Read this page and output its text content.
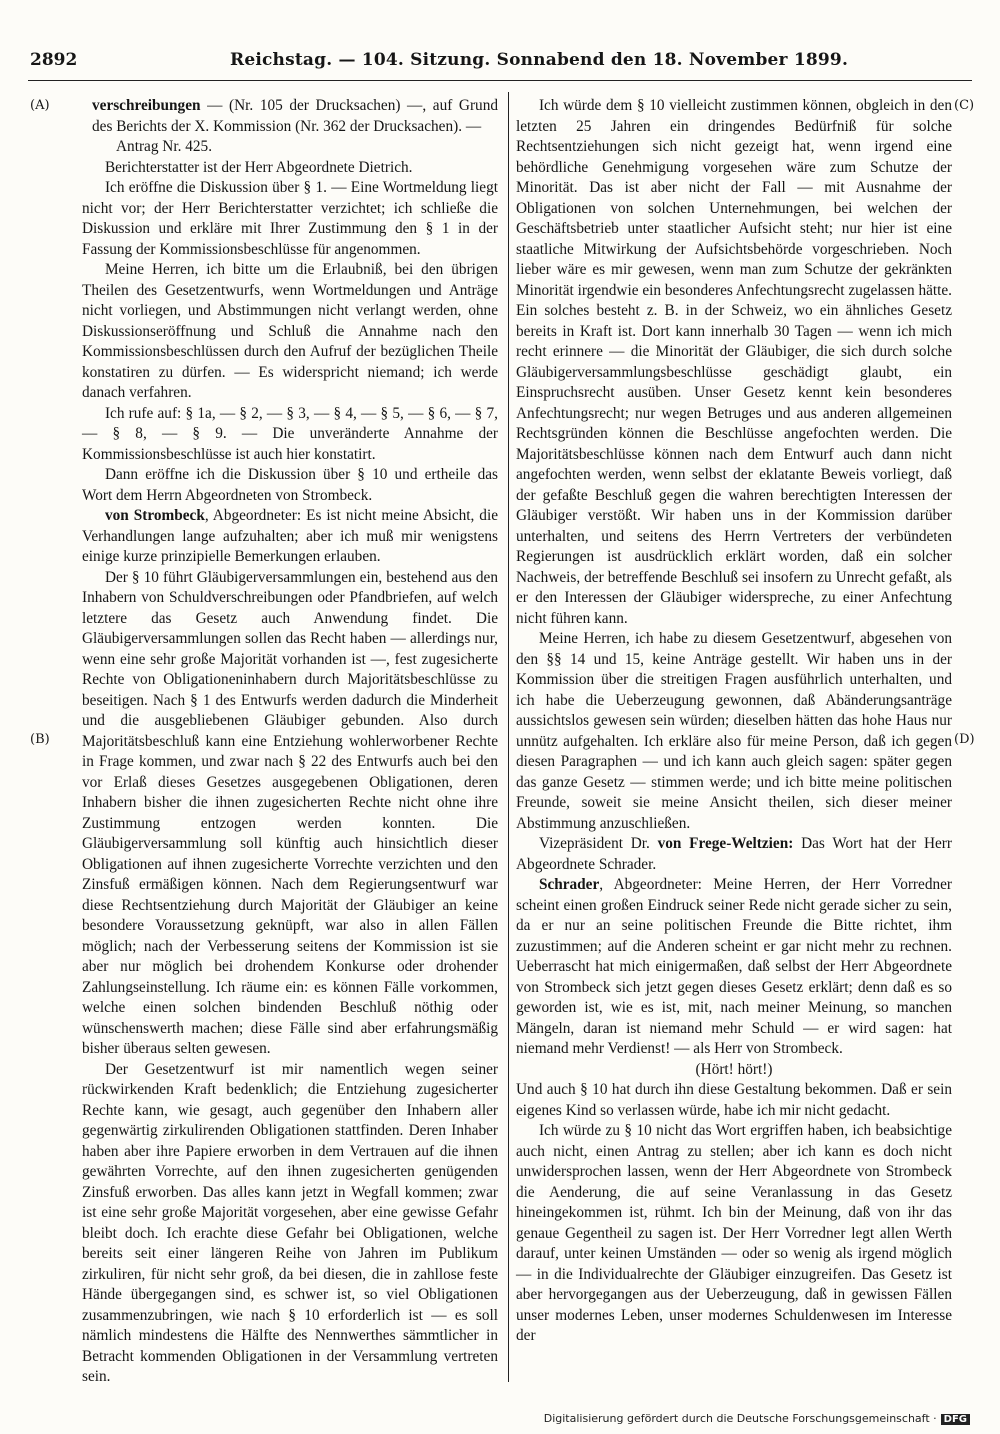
2892	Reichstag. — 104. Sitzung. Sonnabend den 18. November 1899.
(A)
(B)
(C)
(D)

verschreibungen — (Nr. 105 der Drucksachen) —, auf Grund des Berichts der X. Kommission (Nr. 362 der Drucksachen). —

Antrag Nr. 425.

Berichterstatter ist der Herr Abgeordnete Dietrich.

Ich eröffne die Diskussion über § 1. — Eine Wortmeldung liegt nicht vor; der Herr Berichterstatter verzichtet; ich schließe die Diskussion und erkläre mit Ihrer Zustimmung den § 1 in der Fassung der Kommissionsbeschlüsse für angenommen.

Meine Herren, ich bitte um die Erlaubniß, bei den übrigen Theilen des Gesetzentwurfs, wenn Wortmeldungen und Anträge nicht vorliegen, und Abstimmungen nicht verlangt werden, ohne Diskussionseröffnung und Schluß die Annahme nach den Kommissionsbeschlüssen durch den Aufruf der bezüglichen Theile konstatiren zu dürfen. — Es widerspricht niemand; ich werde danach verfahren.

Ich rufe auf: § 1a, — § 2, — § 3, — § 4, — § 5, — § 6, — § 7, — § 8, — § 9. — Die unveränderte Annahme der Kommissionsbeschlüsse ist auch hier konstatirt.

Dann eröffne ich die Diskussion über § 10 und ertheile das Wort dem Herrn Abgeordneten von Strombeck.

von Strombeck, Abgeordneter: Es ist nicht meine Absicht, die Verhandlungen lange aufzuhalten; aber ich muß mir wenigstens einige kurze prinzipielle Bemerkungen erlauben.

Der § 10 führt Gläubigerversammlungen ein, bestehend aus den Inhabern von Schuldverschreibungen oder Pfandbriefen, auf welch letztere das Gesetz auch Anwendung findet. Die Gläubigerversammlungen sollen das Recht haben — allerdings nur, wenn eine sehr große Majorität vorhanden ist —, fest zugesicherte Rechte von Obligationeninhabern durch Majoritätsbeschlüsse zu beseitigen. Nach § 1 des Entwurfs werden dadurch die Minderheit und die ausgebliebenen Gläubiger gebunden. Also durch Majoritätsbeschluß kann eine Entziehung wohlerworbener Rechte in Frage kommen, und zwar nach § 22 des Entwurfs auch bei den vor Erlaß dieses Gesetzes ausgegebenen Obligationen, deren Inhabern bisher die ihnen zugesicherten Rechte nicht ohne ihre Zustimmung entzogen werden konnten. Die Gläubigerversammlung soll künftig auch hinsichtlich dieser Obligationen auf ihnen zugesicherte Vorrechte verzichten und den Zinsfuß ermäßigen können. Nach dem Regierungsentwurf war diese Rechtsentziehung durch Majorität der Gläubiger an keine besondere Voraussetzung geknüpft, war also in allen Fällen möglich; nach der Verbesserung seitens der Kommission ist sie aber nur möglich bei drohendem Konkurse oder drohender Zahlungseinstellung. Ich räume ein: es können Fälle vorkommen, welche einen solchen bindenden Beschluß nöthig oder wünschenswerth machen; diese Fälle sind aber erfahrungsmäßig bisher überaus selten gewesen.

Der Gesetzentwurf ist mir namentlich wegen seiner rückwirkenden Kraft bedenklich; die Entziehung zugesicherter Rechte kann, wie gesagt, auch gegenüber den Inhabern aller gegenwärtig zirkulirenden Obligationen stattfinden. Deren Inhaber haben aber ihre Papiere erworben in dem Vertrauen auf die ihnen gewährten Vorrechte, auf den ihnen zugesicherten genügenden Zinsfuß erworben. Das alles kann jetzt in Wegfall kommen; zwar ist eine sehr große Majorität vorgesehen, aber eine gewisse Gefahr bleibt doch. Ich erachte diese Gefahr bei Obligationen, welche bereits seit einer längeren Reihe von Jahren im Publikum zirkuliren, für nicht sehr groß, da bei diesen, die in zahllose feste Hände übergegangen sind, es schwer ist, so viel Obligationen zusammenzubringen, wie nach § 10 erforderlich ist — es soll nämlich mindestens die Hälfte des Nennwerthes sämmtlicher in Betracht kommenden Obligationen in der Versammlung vertreten sein.

Ich würde dem § 10 vielleicht zustimmen können, obgleich in den letzten 25 Jahren ein dringendes Bedürfniß für solche Rechtsentziehungen sich nicht gezeigt hat, wenn irgend eine behördliche Genehmigung vorgesehen wäre zum Schutze der Minorität. Das ist aber nicht der Fall — mit Ausnahme der Obligationen von solchen Unternehmungen, bei welchen der Geschäftsbetrieb unter staatlicher Aufsicht steht; nur hier ist eine staatliche Mitwirkung der Aufsichtsbehörde vorgeschrieben. Noch lieber wäre es mir gewesen, wenn man zum Schutze der gekränkten Minorität irgendwie ein besonderes Anfechtungsrecht zugelassen hätte. Ein solches besteht z. B. in der Schweiz, wo ein ähnliches Gesetz bereits in Kraft ist. Dort kann innerhalb 30 Tagen — wenn ich mich recht erinnere — die Minorität der Gläubiger, die sich durch solche Gläubigerversammlungsbeschlüsse geschädigt glaubt, ein Einspruchsrecht ausüben. Unser Gesetz kennt kein besonderes Anfechtungsrecht; nur wegen Betruges und aus anderen allgemeinen Rechtsgründen können die Beschlüsse angefochten werden. Die Majoritätsbeschlüsse können nach dem Entwurf auch dann nicht angefochten werden, wenn selbst der eklatante Beweis vorliegt, daß der gefaßte Beschluß gegen die wahren berechtigten Interessen der Gläubiger verstößt. Wir haben uns in der Kommission darüber unterhalten, und seitens des Herrn Vertreters der verbündeten Regierungen ist ausdrücklich erklärt worden, daß ein solcher Nachweis, der betreffende Beschluß sei insofern zu Unrecht gefaßt, als er den Interessen der Gläubiger widerspreche, zu einer Anfechtung nicht führen kann.

Meine Herren, ich habe zu diesem Gesetzentwurf, abgesehen von den §§ 14 und 15, keine Anträge gestellt. Wir haben uns in der Kommission über die streitigen Fragen ausführlich unterhalten, und ich habe die Ueberzeugung gewonnen, daß Abänderungsanträge aussichtslos gewesen sein würden; dieselben hätten das hohe Haus nur unnütz aufgehalten. Ich erkläre also für meine Person, daß ich gegen diesen Paragraphen — und ich kann auch gleich sagen: später gegen das ganze Gesetz — stimmen werde; und ich bitte meine politischen Freunde, soweit sie meine Ansicht theilen, sich dieser meiner Abstimmung anzuschließen.

Vizepräsident Dr. von Frege-Weltzien: Das Wort hat der Herr Abgeordnete Schrader.

Schrader, Abgeordneter: Meine Herren, der Herr Vorredner scheint einen großen Eindruck seiner Rede nicht gerade sicher zu sein, da er nur an seine politischen Freunde die Bitte richtet, ihm zuzustimmen; auf die Anderen scheint er gar nicht mehr zu rechnen. Ueberrascht hat mich einigermaßen, daß selbst der Herr Abgeordnete von Strombeck sich jetzt gegen dieses Gesetz erklärt; denn daß es so geworden ist, wie es ist, mit, nach meiner Meinung, so manchen Mängeln, daran ist niemand mehr Schuld — er wird sagen: hat niemand mehr Verdienst! — als Herr von Strombeck.

(Hört! hört!)

Und auch § 10 hat durch ihn diese Gestaltung bekommen. Daß er sein eigenes Kind so verlassen würde, habe ich mir nicht gedacht.

Ich würde zu § 10 nicht das Wort ergriffen haben, ich beabsichtige auch nicht, einen Antrag zu stellen; aber ich kann es doch nicht unwidersprochen lassen, wenn der Herr Abgeordnete von Strombeck die Aenderung, die auf seine Veranlassung in das Gesetz hineingekommen ist, rühmt. Ich bin der Meinung, daß von ihr das genaue Gegentheil zu sagen ist. Der Herr Vorredner legt allen Werth darauf, unter keinen Umständen — oder so wenig als irgend möglich — in die Individualrechte der Gläubiger einzugreifen. Das Gesetz ist aber hervorgegangen aus der Ueberzeugung, daß in gewissen Fällen unser modernes Leben, unser modernes Schuldenwesen im Interesse der

Digitalisierung gefördert durch die Deutsche Forschungsgemeinschaft · DFG
